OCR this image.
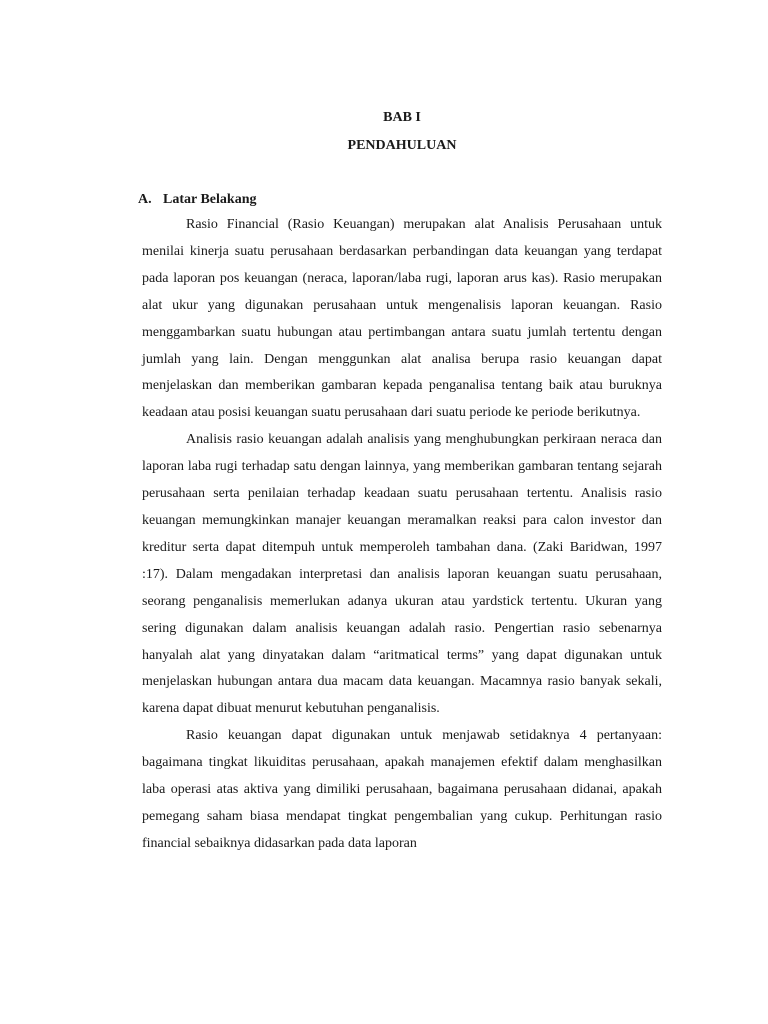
BAB I
PENDAHULUAN
A. Latar Belakang

Rasio Financial (Rasio Keuangan) merupakan alat Analisis Perusahaan untuk menilai kinerja suatu perusahaan berdasarkan perbandingan data keuangan yang terdapat pada laporan pos keuangan (neraca, laporan/laba rugi, laporan arus kas). Rasio merupakan alat ukur yang digunakan perusahaan untuk mengenalisis laporan keuangan. Rasio menggambarkan suatu hubungan atau pertimbangan antara suatu jumlah tertentu dengan jumlah yang lain. Dengan menggunkan alat analisa berupa rasio keuangan dapat menjelaskan dan memberikan gambaran kepada penganalisa tentang baik atau buruknya keadaan atau posisi keuangan suatu perusahaan dari suatu periode ke periode berikutnya.

Analisis rasio keuangan adalah analisis yang menghubungkan perkiraan neraca dan laporan laba rugi terhadap satu dengan lainnya, yang memberikan gambaran tentang sejarah perusahaan serta penilaian terhadap keadaan suatu perusahaan tertentu. Analisis rasio keuangan memungkinkan manajer keuangan meramalkan reaksi para calon investor dan kreditur serta dapat ditempuh untuk memperoleh tambahan dana. (Zaki Baridwan, 1997 :17). Dalam mengadakan interpretasi dan analisis laporan keuangan suatu perusahaan, seorang penganalisis memerlukan adanya ukuran atau yardstick tertentu. Ukuran yang sering digunakan dalam analisis keuangan adalah rasio. Pengertian rasio sebenarnya hanyalah alat yang dinyatakan dalam “aritmatical terms” yang dapat digunakan untuk menjelaskan hubungan antara dua macam data keuangan. Macamnya rasio banyak sekali, karena dapat dibuat menurut kebutuhan penganalisis.

Rasio keuangan dapat digunakan untuk menjawab setidaknya 4 pertanyaan: bagaimana tingkat likuiditas perusahaan, apakah manajemen efektif dalam menghasilkan laba operasi atas aktiva yang dimiliki perusahaan, bagaimana perusahaan didanai, apakah pemegang saham biasa mendapat tingkat pengembalian yang cukup. Perhitungan rasio financial sebaiknya didasarkan pada data laporan
